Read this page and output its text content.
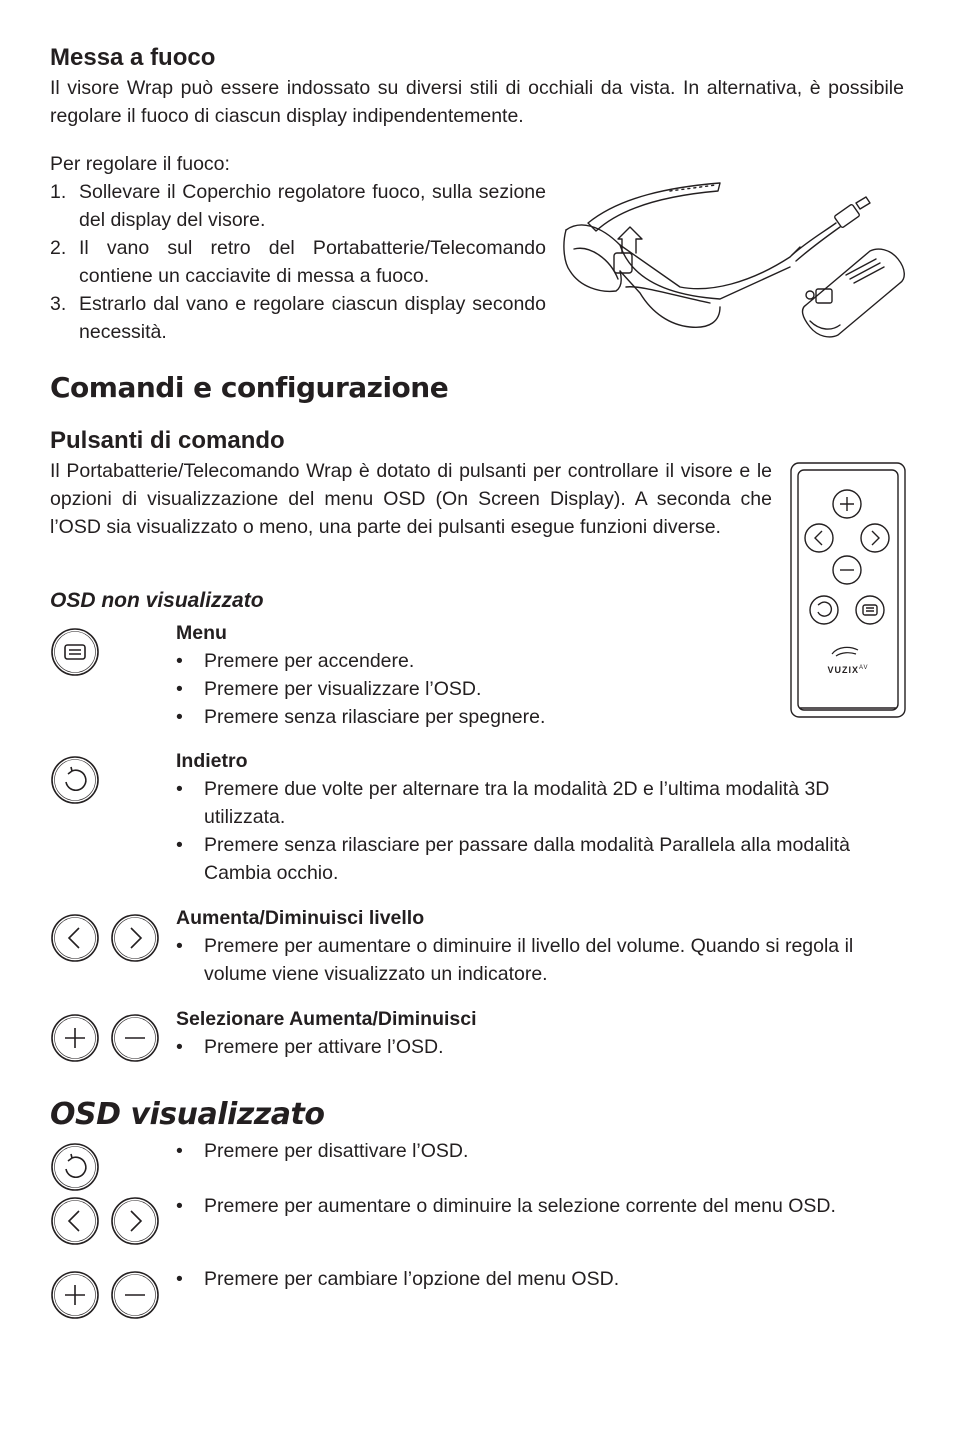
Messa a fuoco
Il visore Wrap può essere indossato su diversi stili di occhiali da vista. In alternativa, è possibile regolare il fuoco di ciascun display indipendentemente.
Per regolare il fuoco:
1. Sollevare il Coperchio regolatore fuoco, sulla sezione del display del visore.
2. Il vano sul retro del Portabatterie/Telecomando contiene un cacciavite di messa a fuoco.
3. Estrarlo dal vano e regolare ciascun display secondo necessità.
Comandi e configurazione
Pulsanti di comando
Il Portabatterie/Telecomando Wrap è dotato di pulsanti per controllare il visore e le opzioni di visualizzazione del menu OSD (On Screen Display). A seconda che l’OSD sia visualizzato o meno, una parte dei pulsanti esegue funzioni diverse.
$VUZIX^{AV}$
OSD non visualizzato
Menu
• Premere per accendere.
• Premere per visualizzare l’OSD.
• Premere senza rilasciare per spegnere.
Indietro
• Premere due volte per alternare tra la modalità 2D e l’ultima modalità 3D utilizzata.
• Premere senza rilasciare per passare dalla modalità Parallela alla modalità Cambia occhio.
Aumenta/Diminuisci livello
• Premere per aumentare o diminuire il livello del volume. Quando si regola il volume viene visualizzato un indicatore.
Selezionare Aumenta/Diminuisci
• Premere per attivare l’OSD.
OSD visualizzato
• Premere per disattivare l’OSD.
• Premere per aumentare o diminuire la selezione corrente del menu OSD.
• Premere per cambiare l’opzione del menu OSD.
